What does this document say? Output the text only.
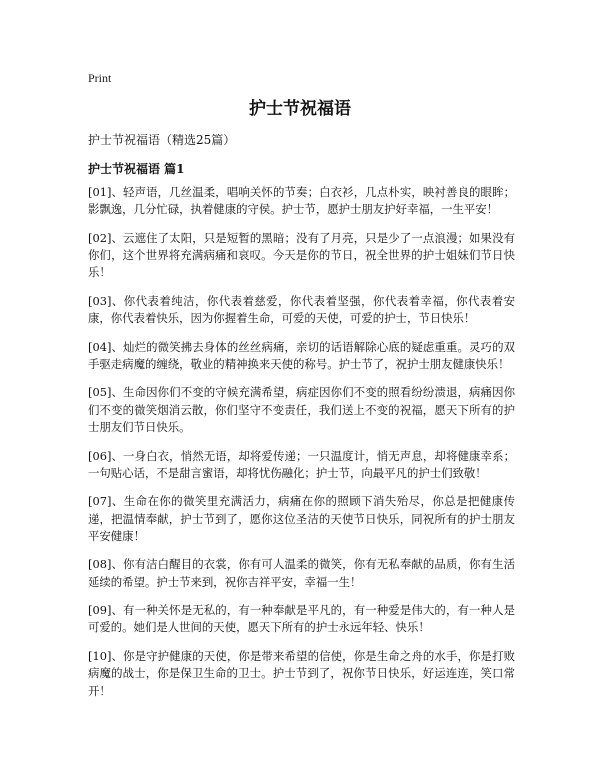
Print
护士节祝福语
护士节祝福语（精选25篇）
护士节祝福语 篇1

[01]、轻声语，几丝温柔，唱响关怀的节奏；白衣衫，几点朴实，映衬善良的眼眸；影飘逸，几分忙碌，执着健康的守侯。护士节，愿护士朋友护好幸福，一生平安！

[02]、云遮住了太阳，只是短暂的黑暗；没有了月亮，只是少了一点浪漫；如果没有你们，这个世界将充满病痛和哀叹。今天是你的节日，祝全世界的护士姐妹们节日快乐！

[03]、你代表着纯洁，你代表着慈爱，你代表着坚强，你代表着幸福，你代表着安康，你代表着快乐，因为你握着生命，可爱的天使，可爱的护士，节日快乐！

[04]、灿烂的微笑拂去身体的丝丝病痛，亲切的话语解除心底的疑虑重重。灵巧的双手驱走病魔的缠绕，敬业的精神换来天使的称号。护士节了，祝护士朋友健康快乐！

[05]、生命因你们不变的守候充满希望，病症因你们不变的照看纷纷溃退，病痛因你们不变的微笑烟消云散，你们坚守不变责任，我们送上不变的祝福，愿天下所有的护士朋友们节日快乐。

[06]、一身白衣，悄然无语，却将爱传递；一只温度计，悄无声息，却将健康幸系；一句贴心话，不是甜言蜜语，却将忧伤融化；护士节，向最平凡的护士们致敬！

[07]、生命在你的微笑里充满活力，病痛在你的照顾下消失殆尽，你总是把健康传递，把温情奉献，护士节到了，愿你这位圣洁的天使节日快乐，同祝所有的护士朋友平安健康！

[08]、你有洁白醒目的衣裳，你有可人温柔的微笑，你有无私奉献的品质，你有生活延续的希望。护士节来到，祝你吉祥平安，幸福一生！

[09]、有一种关怀是无私的，有一种奉献是平凡的，有一种爱是伟大的，有一种人是可爱的。她们是人世间的天使，愿天下所有的护士永远年轻、快乐！

[10]、你是守护健康的天使，你是带来希望的信使，你是生命之舟的水手，你是打败病魔的战士，你是保卫生命的卫士。护士节到了，祝你节日快乐，好运连连，笑口常开！
